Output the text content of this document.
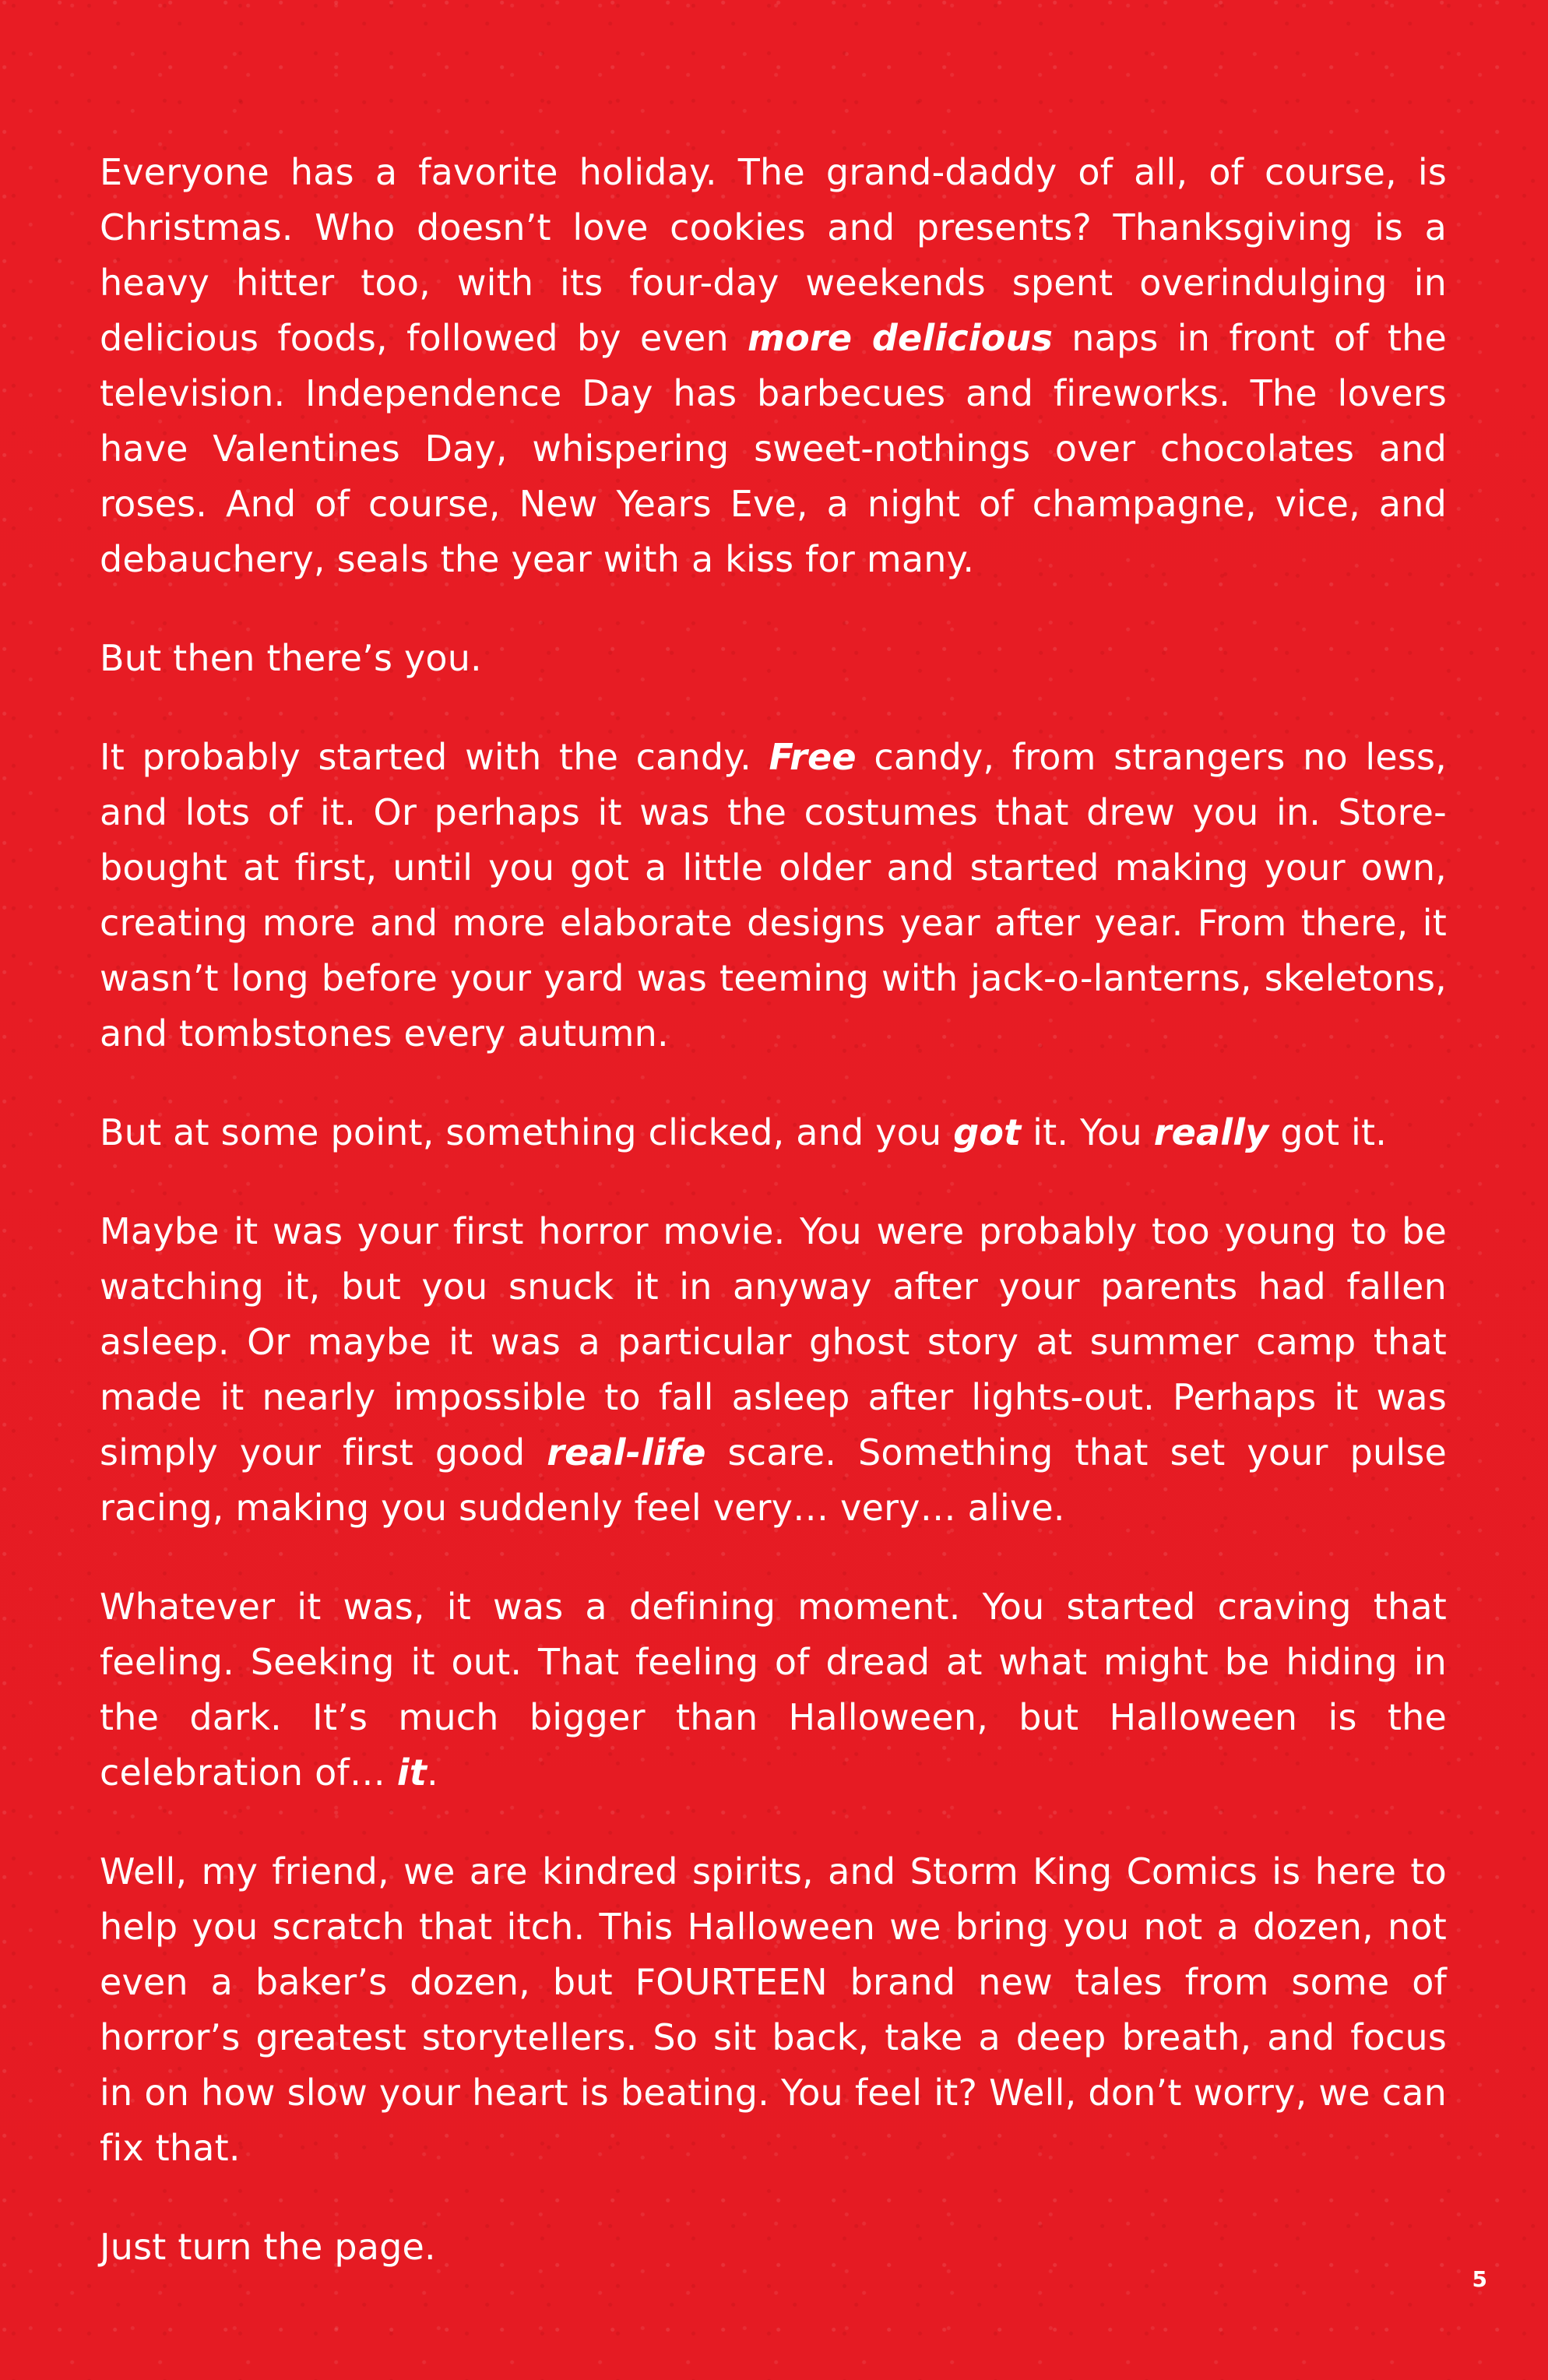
Everyone has a favorite holiday. The grand-daddy of all, of course, is Christmas. Who doesn’t love cookies and presents? Thanksgiving is a heavy hitter too, with its four-day weekends spent overindulging in delicious foods, followed by even more delicious naps in front of the television. Independence Day has barbecues and fireworks. The lovers have Valentines Day, whispering sweet-nothings over chocolates and roses. And of course, New Years Eve, a night of champagne, vice, and debauchery, seals the year with a kiss for many.

But then there’s you.

It probably started with the candy. Free candy, from strangers no less, and lots of it. Or perhaps it was the costumes that drew you in. Store-bought at first, until you got a little older and started making your own, creating more and more elaborate designs year after year. From there, it wasn’t long before your yard was teeming with jack-o-lanterns, skeletons, and tombstones every autumn.

But at some point, something clicked, and you got it. You really got it.

Maybe it was your first horror movie. You were probably too young to be watching it, but you snuck it in anyway after your parents had fallen asleep. Or maybe it was a particular ghost story at summer camp that made it nearly impossible to fall asleep after lights-out. Perhaps it was simply your first good real-life scare. Something that set your pulse racing, making you suddenly feel very… very… alive.

Whatever it was, it was a defining moment. You started craving that feeling. Seeking it out. That feeling of dread at what might be hiding in the dark. It’s much bigger than Halloween, but Halloween is the celebration of… it.

Well, my friend, we are kindred spirits, and Storm King Comics is here to help you scratch that itch. This Halloween we bring you not a dozen, not even a baker’s dozen, but FOURTEEN brand new tales from some of horror’s greatest storytellers. So sit back, take a deep breath, and focus in on how slow your heart is beating. You feel it? Well, don’t worry, we can fix that.

Just turn the page.

5
